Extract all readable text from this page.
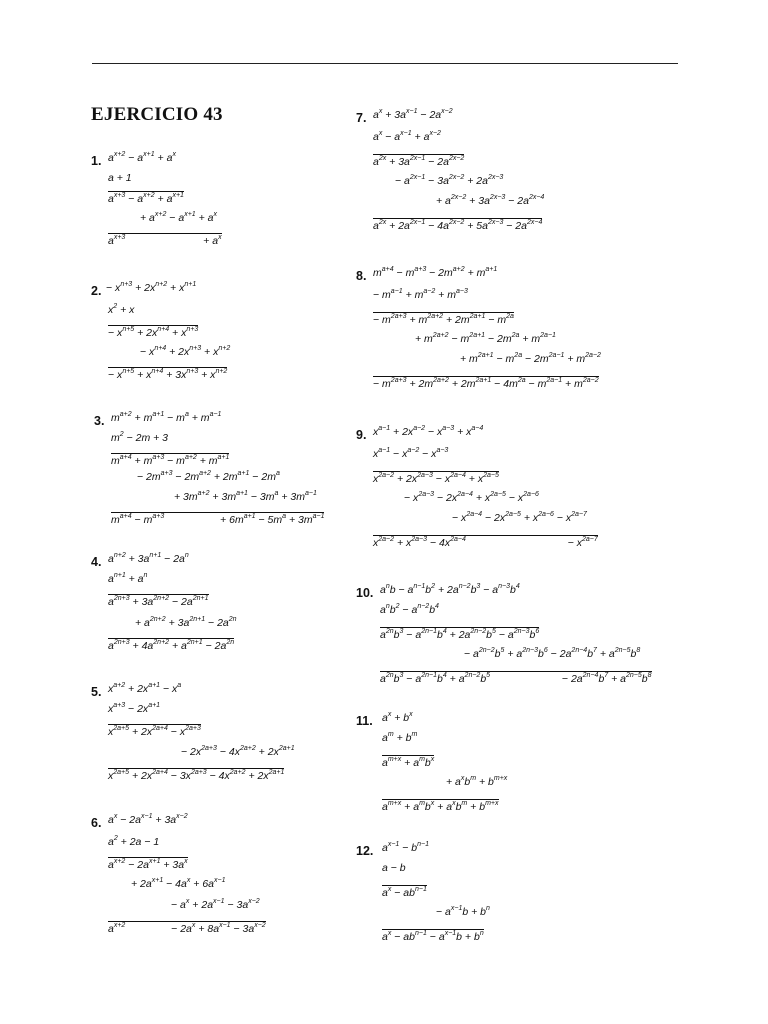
EJERCICIO 43
1. $a^{x+2} - a^{x+1} + a^x$
a + 1
$a^{x+3} - a^{x+2} + a^{x+1}$
+ $a^{x+2} - a^{x+1} + a^x$
$a^{x+3}$	+ $a^x$
2. − $x^{n+3} + 2x^{n+2} + x^{n+1}$
$x^2 + x$
− $x^{n+5} + 2x^{n+4} + x^{n+3}$
− $x^{n+4} + 2x^{n+3} + x^{n+2}$
− $x^{n+5} + x^{n+4} + 3x^{n+3} + x^{n+2}$
3. $m^{a+2} + m^{a+1} - m^a + m^{a-1}$
$m^2 - 2m + 3$
$m^{a+4} + m^{a+3} - m^{a+2} + m^{a+1}$
− $2m^{a+3} - 2m^{a+2} + 2m^{a+1} - 2m^a$
+ $3m^{a+2} + 3m^{a+1} - 3m^a + 3m^{a-1}$
$m^{a+4} - m^{a+3}$	+ $6m^{a+1} - 5m^a + 3m^{a-1}$
4. $a^{n+2} + 3a^{n+1} - 2a^n$
$a^{n+1} + a^n$
$a^{2n+3} + 3a^{2n+2} - 2a^{2n+1}$
+ $a^{2n+2} + 3a^{2n+1} - 2a^{2n}$
$a^{2n+3} + 4a^{2n+2} + a^{2n+1} - 2a^{2n}$
5. $x^{a+2} + 2x^{a+1} - x^a$
$x^{a+3} - 2x^{a+1}$
$x^{2a+5} + 2x^{2a+4} - x^{2a+3}$
− $2x^{2a+3} - 4x^{2a+2} + 2x^{2a+1}$
$x^{2a+5} + 2x^{2a+4} - 3x^{2a+3} - 4x^{2a+2} + 2x^{2a+1}$
6. $a^x - 2a^{x-1} + 3a^{x-2}$
$a^2 + 2a - 1$
$a^{x+2} - 2a^{x+1} + 3a^x$
+ $2a^{x+1} - 4a^x + 6a^{x-1}$
− $a^x + 2a^{x-1} - 3a^{x-2}$
$a^{x+2}$	− $2a^x + 8a^{x-1} - 3a^{x-2}$
7. $a^x + 3a^{x-1} - 2a^{x-2}$
$a^x - a^{x-1} + a^{x-2}$
$a^{2x} + 3a^{2x-1} - 2a^{2x-2}$
− $a^{2x-1} - 3a^{2x-2} + 2a^{2x-3}$
+ $a^{2x-2} + 3a^{2x-3} - 2a^{2x-4}$
$a^{2x} + 2a^{2x-1} - 4a^{2x-2} + 5a^{2x-3} - 2a^{2x-4}$
8. $m^{a+4} - m^{a+3} - 2m^{a+2} + m^{a+1}$
− $m^{a-1} + m^{a-2} + m^{a-3}$
− $m^{2a+3} + m^{2a+2} + 2m^{2a+1} - m^{2a}$
+ $m^{2a+2} - m^{2a+1} - 2m^{2a} + m^{2a-1}$
+ $m^{2a+1} - m^{2a} - 2m^{2a-1} + m^{2a-2}$
− $m^{2a+3} + 2m^{2a+2} + 2m^{2a+1} - 4m^{2a} - m^{2a-1} + m^{2a-2}$
9. $x^{a-1} + 2x^{a-2} - x^{a-3} + x^{a-4}$
$x^{a-1} - x^{a-2} - x^{a-3}$
$x^{2a-2} + 2x^{2a-3} - x^{2a-4} + x^{2a-5}$
− $x^{2a-3} - 2x^{2a-4} + x^{2a-5} - x^{2a-6}$
− $x^{2a-4} - 2x^{2a-5} + x^{2a-6} - x^{2a-7}$
$x^{2a-2} + x^{2a-3} - 4x^{2a-4}$	− $x^{2a-7}$
10. $a^nb - a^{n-1}b^2 + 2a^{n-2}b^3 - a^{n-3}b^4$
$a^nb^2 - a^{n-2}b^4$
$a^{2n}b^3 - a^{2n-1}b^4 + 2a^{2n-2}b^5 - a^{2n-3}b^6$
− $a^{2n-2}b^5 + a^{2n-3}b^6 - 2a^{2n-4}b^7 + a^{2n-5}b^8$
$a^{2n}b^3 - a^{2n-1}b^4 + a^{2n-2}b^5$	− $2a^{2n-4}b^7 + a^{2n-5}b^8$
11. $a^x + b^x$
$a^m + b^m$
$a^{m+x} + a^mb^x$
+ $a^xb^m + b^{m+x}$
$a^{m+x} + a^mb^x + a^xb^m + b^{m+x}$
12. $a^{x-1} - b^{n-1}$
a − b
$a^x - ab^{n-1}$
− $a^{x-1}b + b^n$
$a^x - ab^{n-1} - a^{x-1}b + b^n$
